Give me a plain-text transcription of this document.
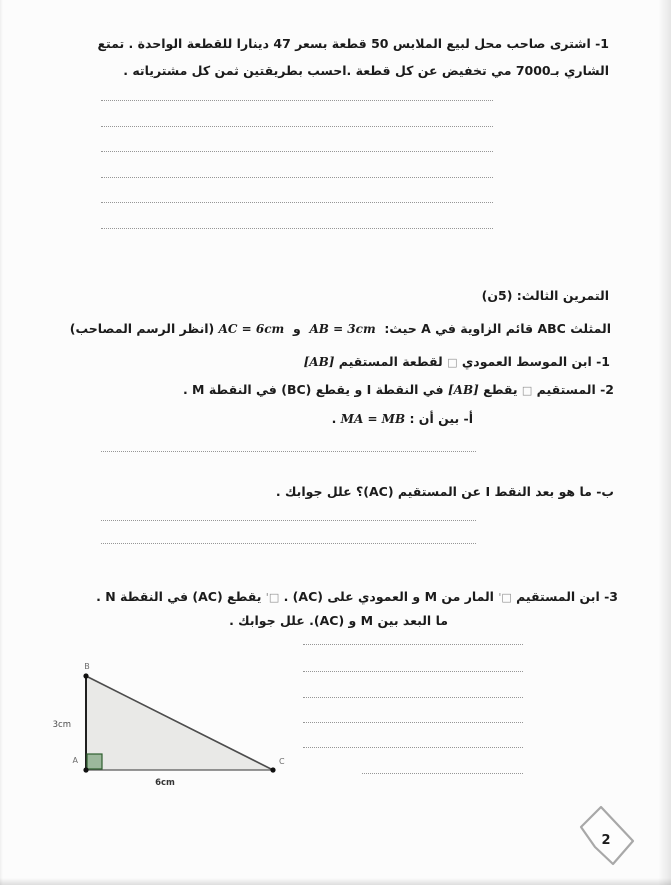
1- اشترى صاحب محل لبيع الملابس 50 قطعة بسعر 47 دينارا للقطعة الواحدة . تمتع
الشاري بـ7000 مي تخفيض عن كل قطعة .احسب بطريقتين ثمن كل مشترياته .
التمرين الثالث: (5ن)
المثلث ABC قائم الزاوية في A حيث:  AB = 3cm  و  AC = 6cm (انظر الرسم المصاحب)
1- ابن الموسط العمودي □ لقطعة المستقيم [AB]
2- المستقيم □ يقطع [AB] في النقطة I و يقطع (BC) في النقطة M .
أ- بين أن : MA = MB .
ب- ما هو بعد النقط I عن المستقيم (AC)؟ علل جوابك .
3- ابن المستقيم '□ المار من M و العمودي على (AC) . '□ يقطع (AC) في النقطة N .
ما البعد بين M و (AC). علل جوابك .
B
A	C
3cm
6cm
2
